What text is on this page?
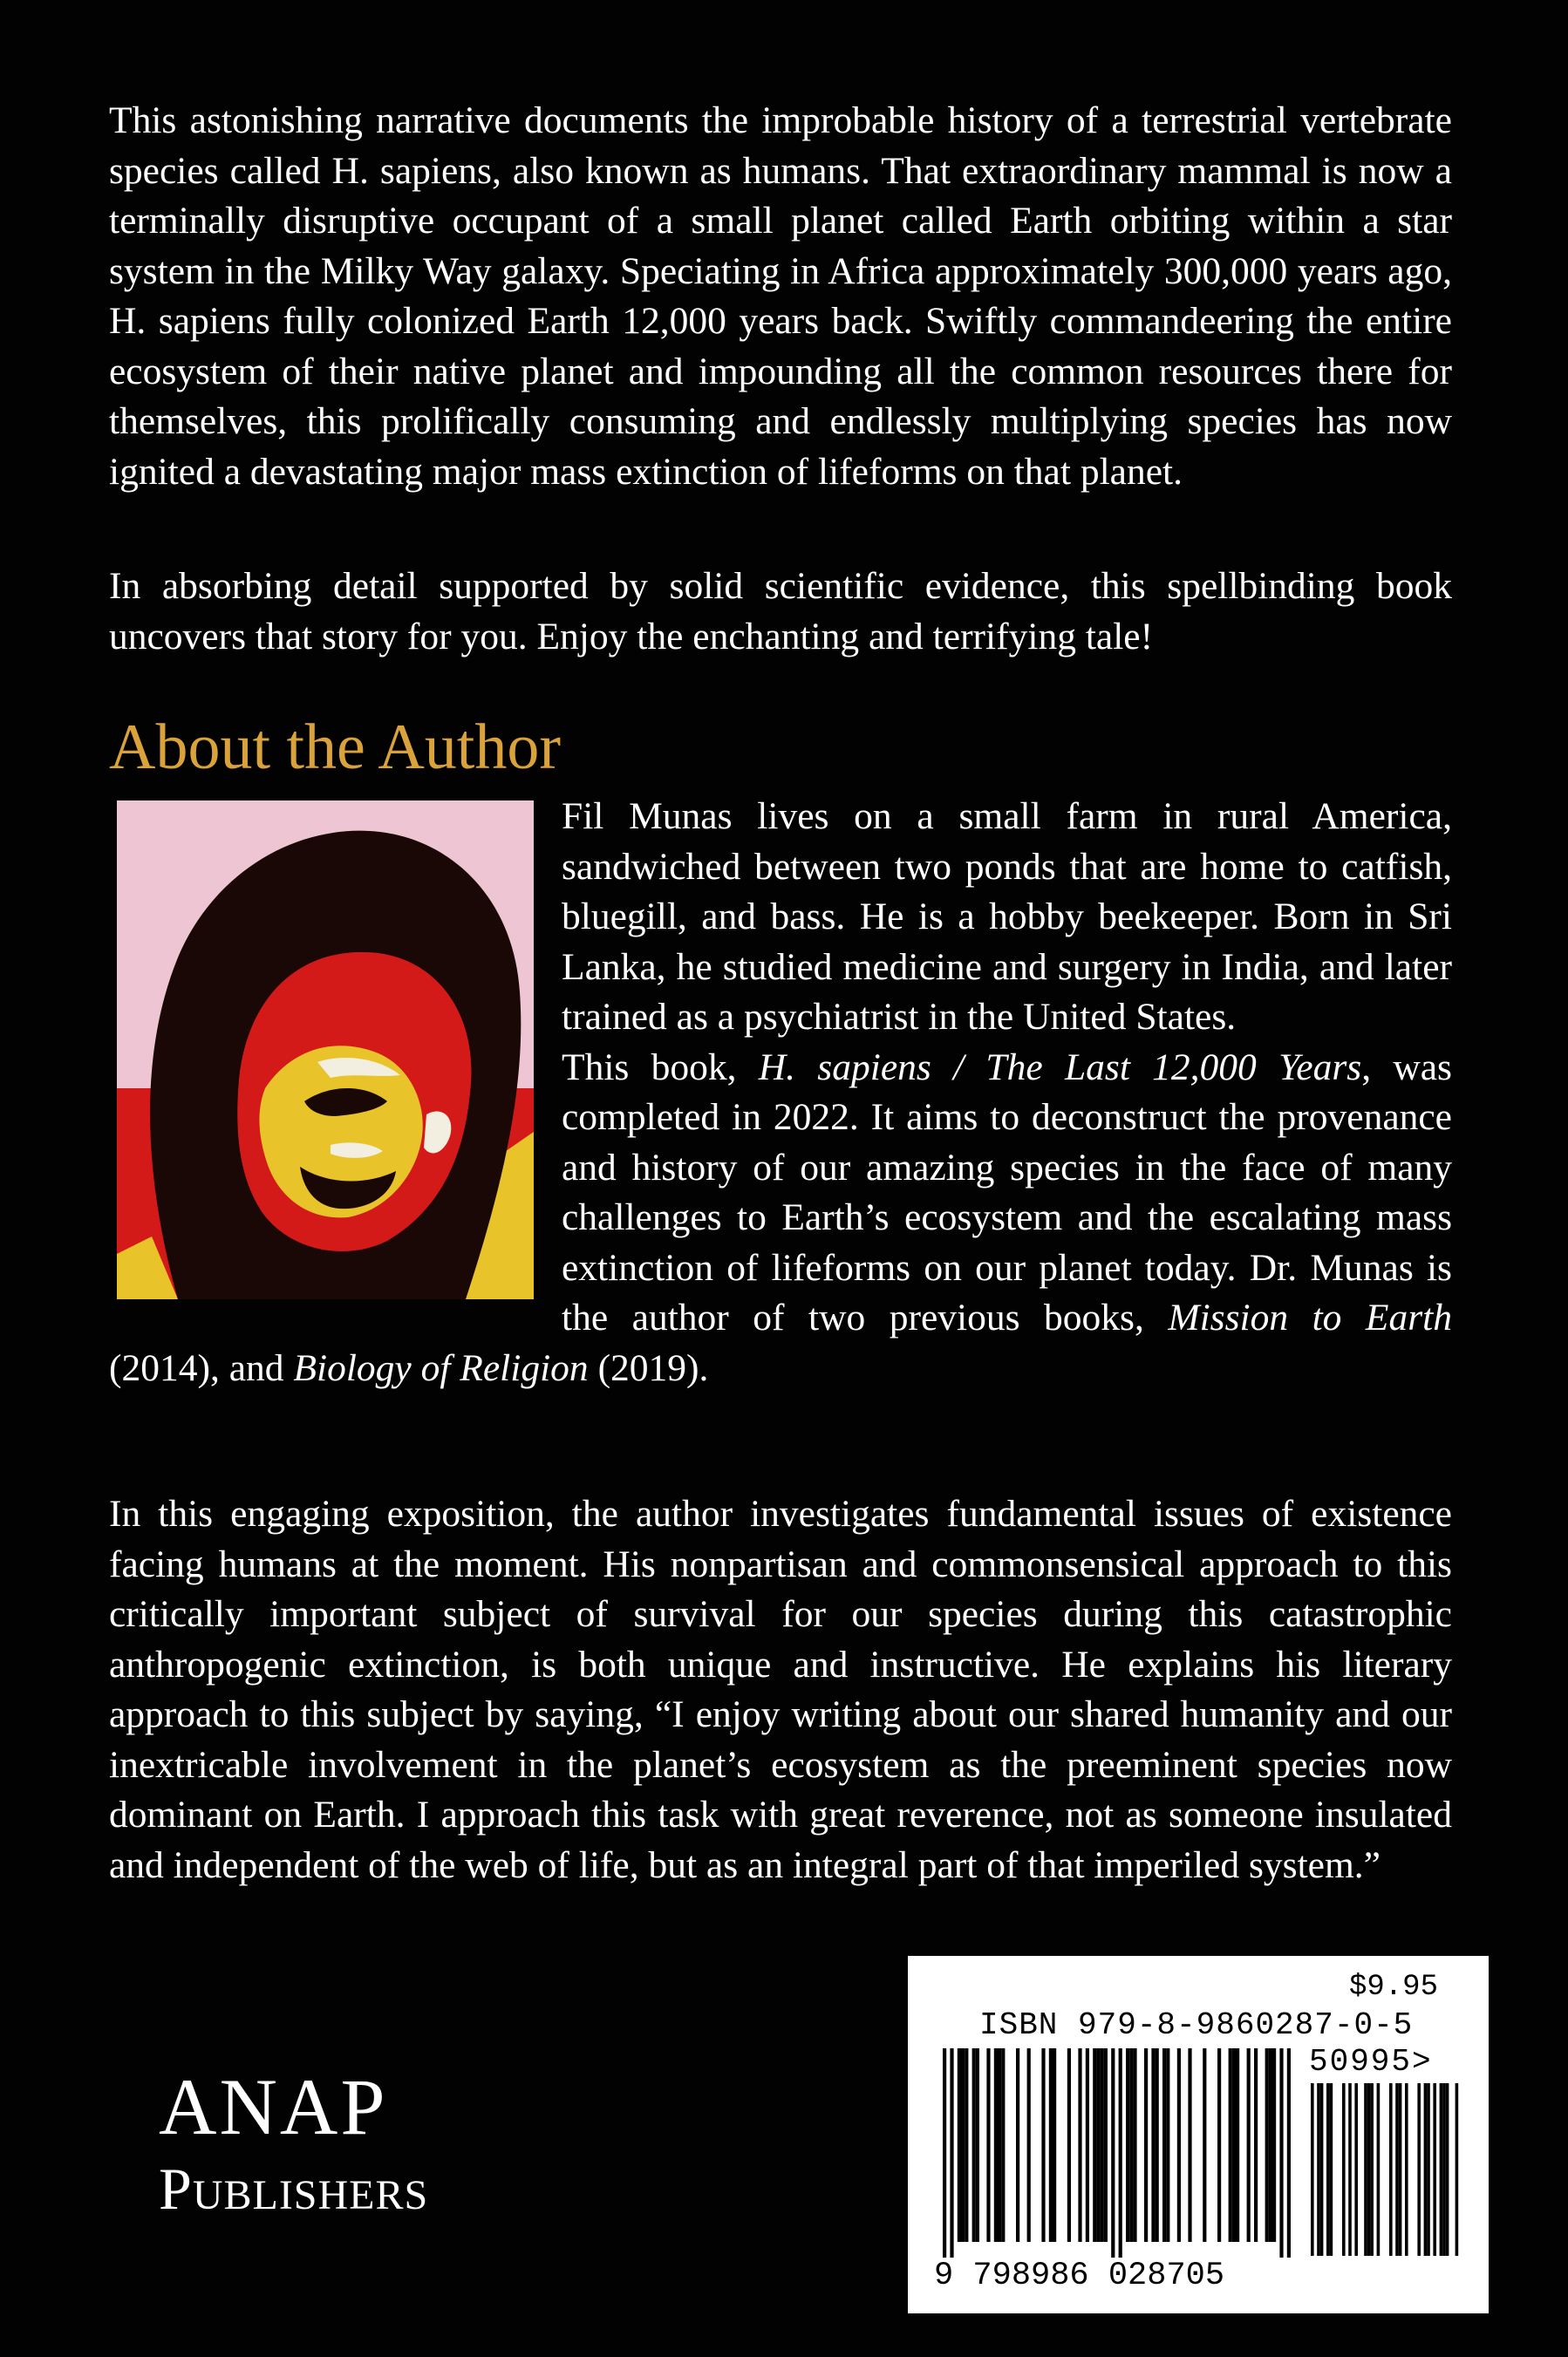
This astonishing narrative documents the improbable history of a terrestrial vertebrate species called H. sapiens, also known as humans. That extraordinary mammal is now a terminally disruptive occupant of a small planet called Earth orbiting within a star system in the Milky Way galaxy. Speciating in Africa approximately 300,000 years ago, H. sapiens fully colonized Earth 12,000 years back. Swiftly commandeering the entire ecosystem of their native planet and impounding all the common resources there for themselves, this prolifically consuming and endlessly multiplying species has now ignited a devastating major mass extinction of lifeforms on that planet.

In absorbing detail supported by solid scientific evidence, this spellbinding book uncovers that story for you. Enjoy the enchanting and terrifying tale!

About the Author

Fil Munas lives on a small farm in rural America, sandwiched between two ponds that are home to catfish, bluegill, and bass. He is a hobby beekeeper. Born in Sri Lanka, he studied medicine and surgery in India, and later trained as a psychiatrist in the United States.

This book, H. sapiens / The Last 12,000 Years, was completed in 2022. It aims to deconstruct the provenance and history of our amazing species in the face of many challenges to Earth’s ecosystem and the escalating mass extinction of lifeforms on our planet today. Dr. Munas is the author of two previous books, Mission to Earth (2014), and Biology of Religion (2019).

In this engaging exposition, the author investigates fundamental issues of existence facing humans at the moment. His nonpartisan and commonsensical approach to this critically important subject of survival for our species during this catastrophic anthropogenic extinction, is both unique and instructive. He explains his literary approach to this subject by saying, “I enjoy writing about our shared humanity and our inextricable involvement in the planet’s ecosystem as the preeminent species now dominant on Earth. I approach this task with great reverence, not as someone insulated and independent of the web of life, but as an integral part of that imperiled system.”

ANAP
Publishers
$9.95
ISBN 979-8-9860287-0-5
50995>
9 798986 028705
